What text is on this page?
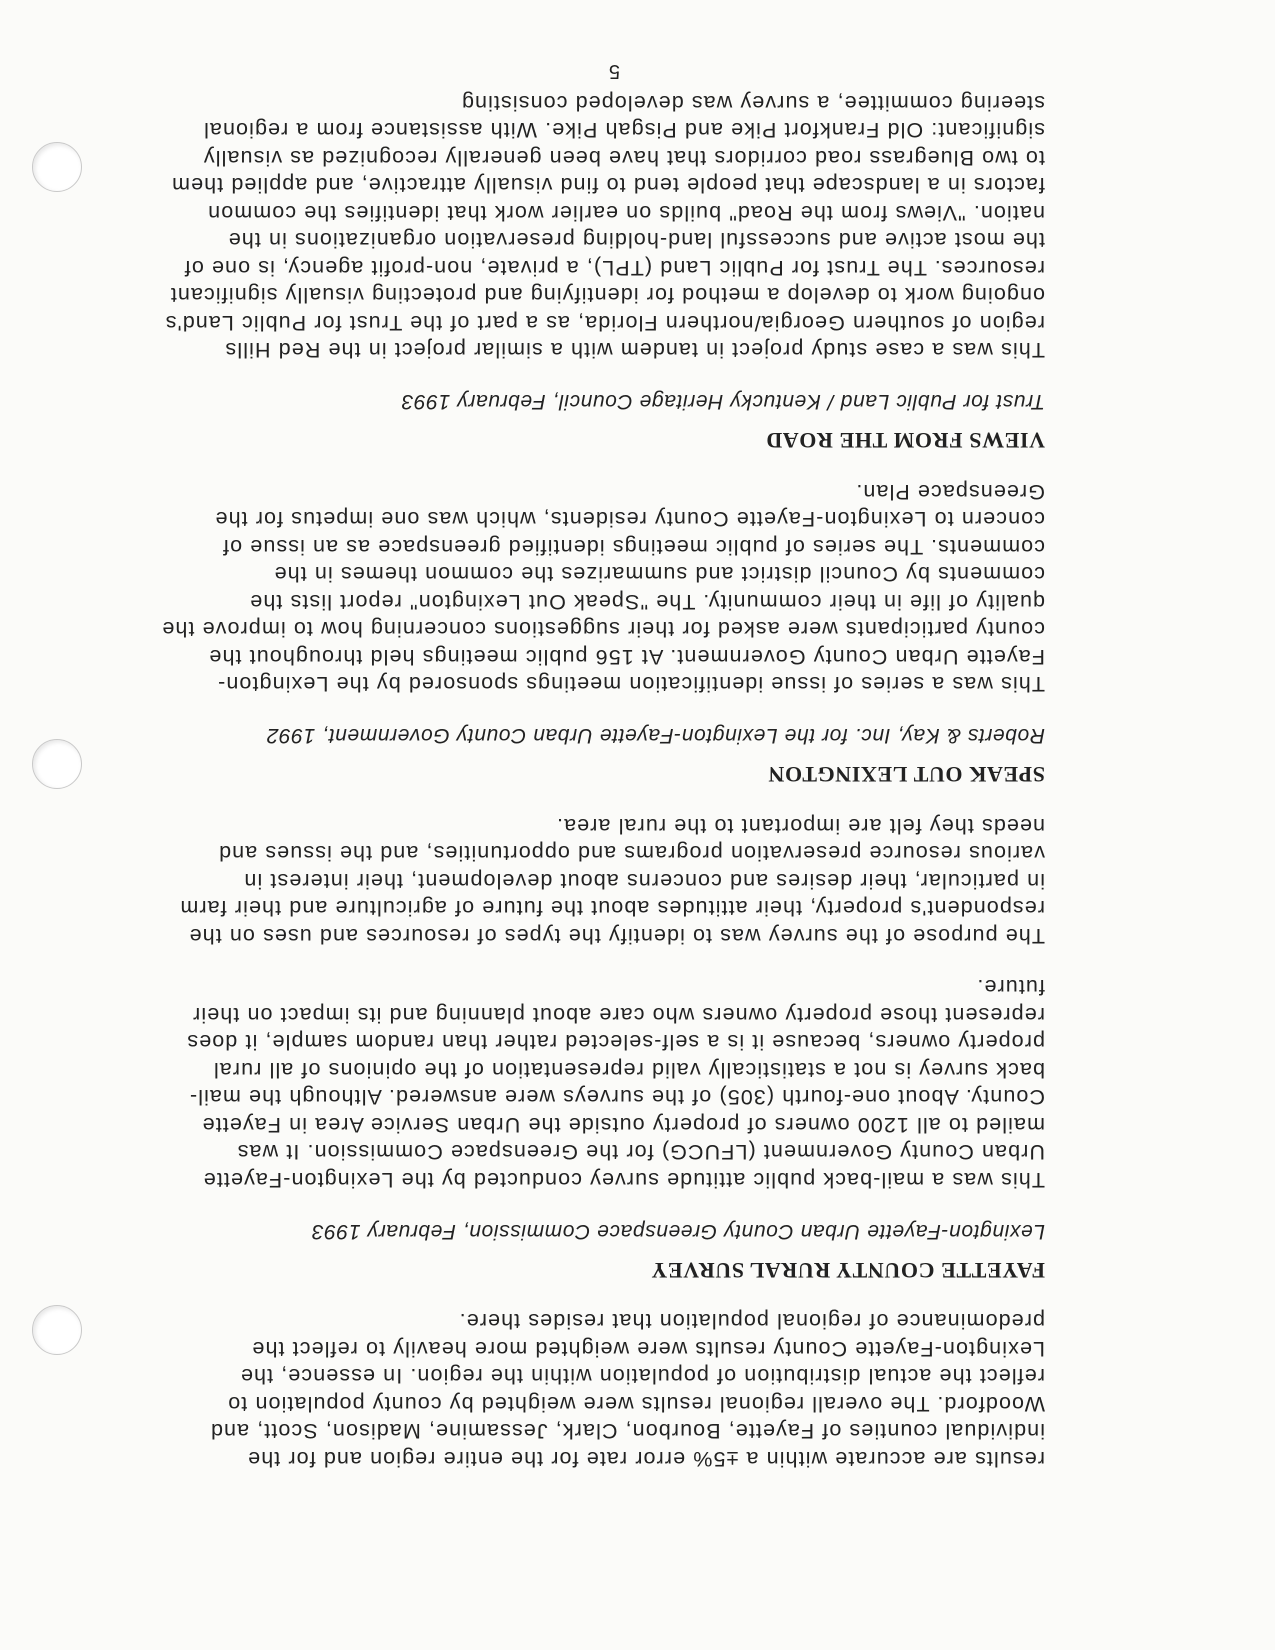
results are accurate within a ±5% error rate for the entire region and for the individual counties of Fayette, Bourbon, Clark, Jessamine, Madison, Scott, and Woodford. The overall regional results were weighted by county population to reflect the actual distribution of population within the region. In essence, the Lexington-Fayette County results were weighted more heavily to reflect the predominance of regional population that resides there.

FAYETTE COUNTY RURAL SURVEY
Lexington-Fayette Urban County Greenspace Commission, February 1993

This was a mail-back public attitude survey conducted by the Lexington-Fayette Urban County Government (LFUCG) for the Greenspace Commission. It was mailed to all 1200 owners of property outside the Urban Service Area in Fayette County. About one-fourth (305) of the surveys were answered. Although the mail-back survey is not a statistically valid representation of the opinions of all rural property owners, because it is a self-selected rather than random sample, it does represent those property owners who care about planning and its impact on their future.

The purpose of the survey was to identify the types of resources and uses on the respondent's property, their attitudes about the future of agriculture and their farm in particular, their desires and concerns about development, their interest in various resource preservation programs and opportunities, and the issues and needs they felt are important to the rural area.

SPEAK OUT LEXINGTON
Roberts & Kay, Inc. for the Lexington-Fayette Urban County Government, 1992

This was a series of issue identification meetings sponsored by the Lexington-Fayette Urban County Government. At 156 public meetings held throughout the county participants were asked for their suggestions concerning how to improve the quality of life in their community. The "Speak Out Lexington" report lists the comments by Council district and summarizes the common themes in the comments. The series of public meetings identified greenspace as an issue of concern to Lexington-Fayette County residents, which was one impetus for the Greenspace Plan.

VIEWS FROM THE ROAD
Trust for Public Land / Kentucky Heritage Council, February 1993

This was a case study project in tandem with a similar project in the Red Hills region of southern Georgia/northern Florida, as a part of the Trust for Public Land's ongoing work to develop a method for identifying and protecting visually significant resources. The Trust for Public Land (TPL), a private, non-profit agency, is one of the most active and successful land-holding preservation organizations in the nation. "Views from the Road" builds on earlier work that identifies the common factors in a landscape that people tend to find visually attractive, and applied them to two Bluegrass road corridors that have been generally recognized as visually significant: Old Frankfort Pike and Pisgah Pike. With assistance from a regional steering committee, a survey was developed consisting

5
